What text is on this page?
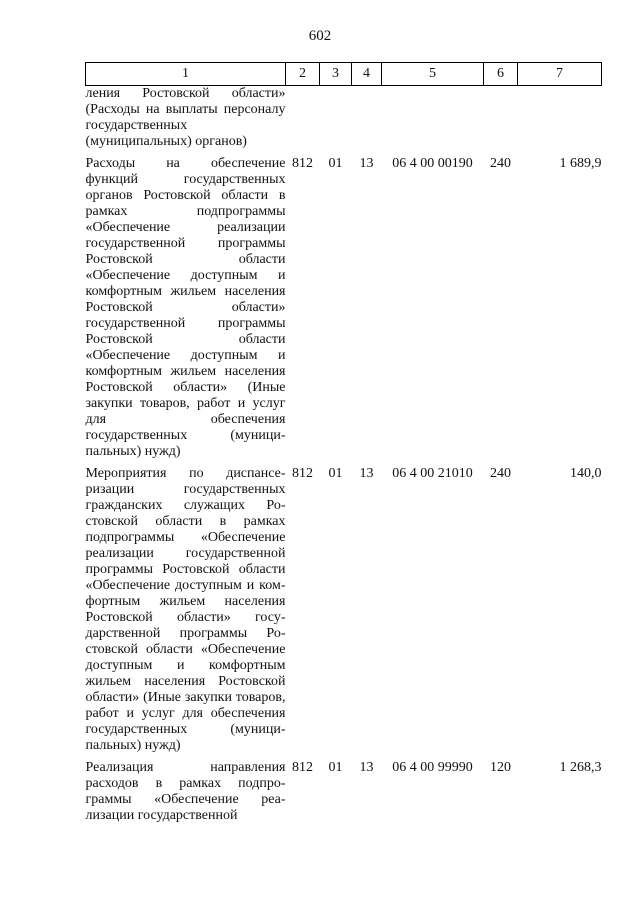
602
1	2	3	4	5	6	7
ления Ростовской области» (Расходы на выплаты персоналу государственных (муниципальных) органов)						
Расходы на обеспечение функций государственных органов Ростовской области в рамках подпрограммы «Обеспечение реализации государственной программы Ростовской области «Обеспечение доступным и комфортным жильем населения Ростовской области» государственной программы Ростовской области «Обеспечение доступным и комфортным жильем населения Ростовской области» (Иные закупки товаров, работ и услуг для обеспечения государственных (муниципальных) нужд)	812	01	13	06 4 00 00190	240	1 689,9
Мероприятия по диспансеризации государственных гражданских служащих Ростовской области в рамках подпрограммы «Обеспечение реализации государственной программы Ростовской области «Обеспечение доступным и комфортным жильем населения Ростовской области» государственной программы Ростовской области «Обеспечение доступным и комфортным жильем населения Ростовской области» (Иные закупки товаров, работ и услуг для обеспечения государственных (муниципальных) нужд)	812	01	13	06 4 00 21010	240	140,0
Реализация направления расходов в рамках подпрограммы «Обеспечение реализации государственной	812	01	13	06 4 00 99990	120	1 268,3
